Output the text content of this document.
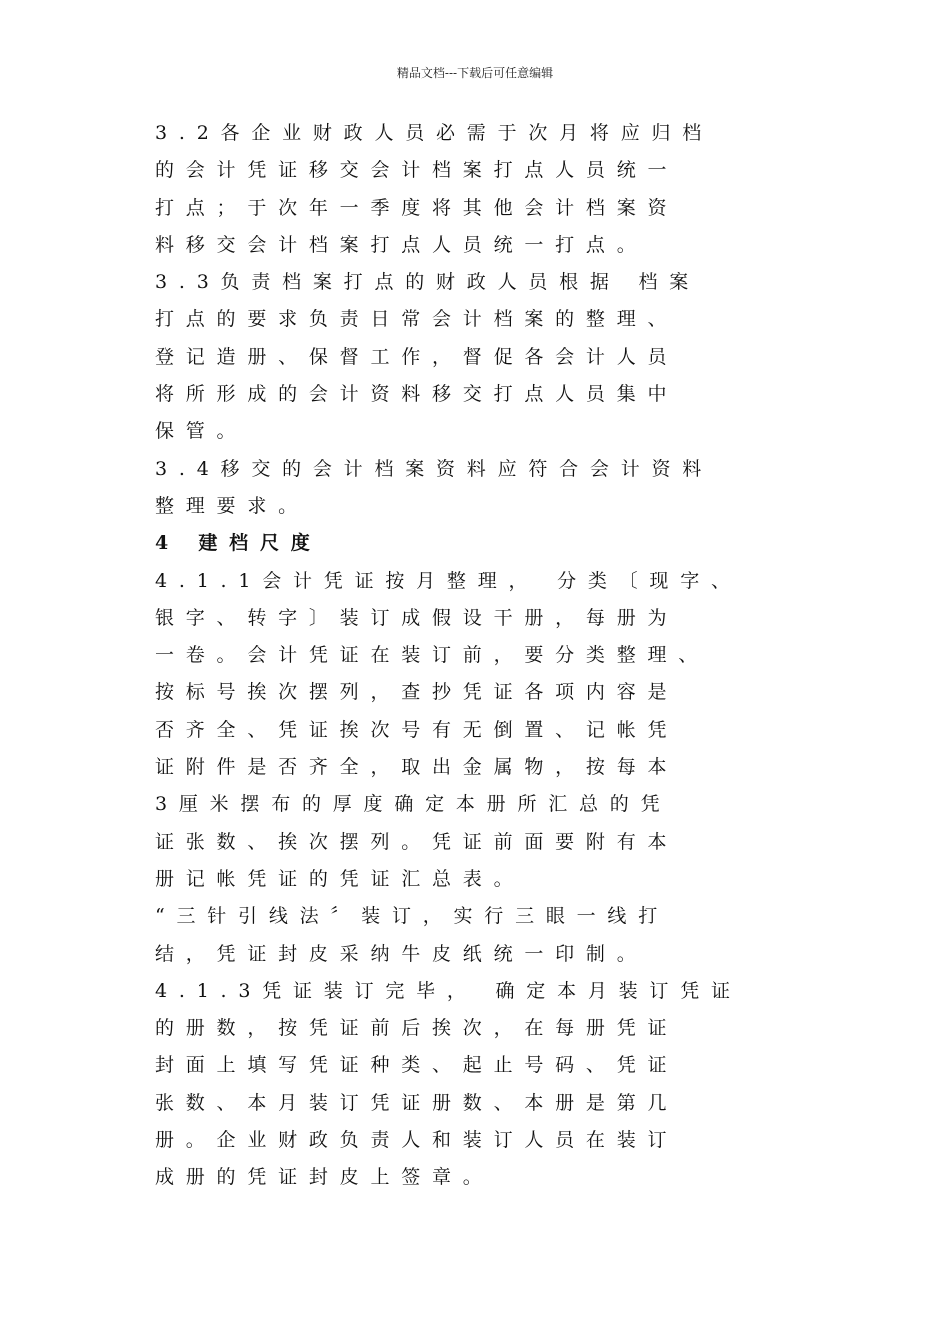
精品文档---下载后可任意编辑
3.2各企业财政人员必需于次月将应归档
的会计凭证移交会计档案打点人员统一
打点；于次年一季度将其他会计档案资
料移交会计档案打点人员统一打点。
3.3负责档案打点的财政人员根据 档案
打点的要求负责日常会计档案的整理、
登记造册、保督工作，督促各会计人员
将所形成的会计资料移交打点人员集中
保管。
3.4移交的会计档案资料应符合会计资料
整理要求。
4 建档尺度
4.1.1会计凭证按月整理， 分类〔现字、
银字、转字〕装订成假设干册，每册为
一卷。会计凭证在装订前，要分类整理、
按标号挨次摆列，查抄凭证各项内容是
否齐全、凭证挨次号有无倒置、记帐凭
证附件是否齐全，取出金属物，按每本
3厘米摆布的厚度确定本册所汇总的凭
证张数、挨次摆列。凭证前面要附有本
册记帐凭证的凭证汇总表。
“三针引线法〞装订，实行三眼一线打
结，凭证封皮采纳牛皮纸统一印制。
4.1.3凭证装订完毕， 确定本月装订凭证
的册数，按凭证前后挨次，在每册凭证
封面上填写凭证种类、起止号码、凭证
张数、本月装订凭证册数、本册是第几
册。企业财政负责人和装订人员在装订
成册的凭证封皮上签章。
